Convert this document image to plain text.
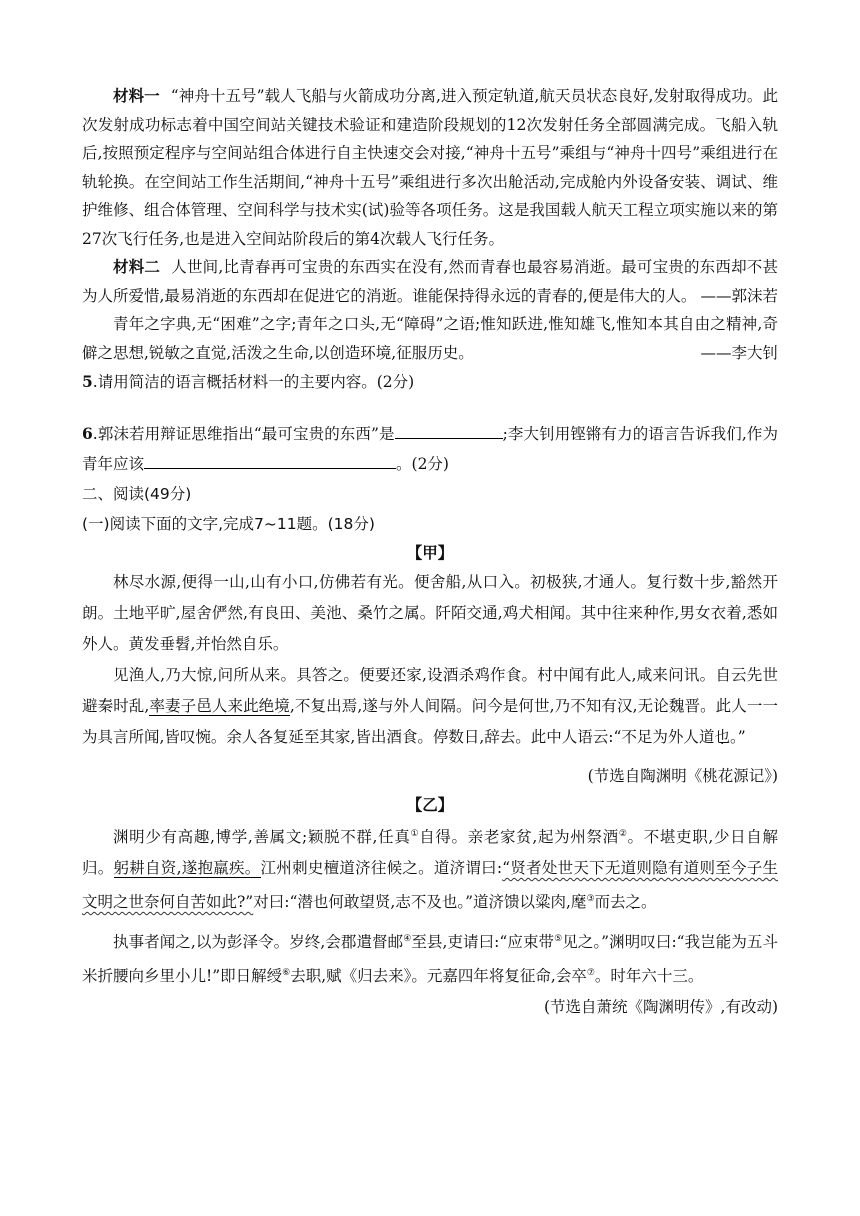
材料一 “神舟十五号”载人飞船与火箭成功分离,进入预定轨道,航天员状态良好,发射取得成功。此次发射成功标志着中国空间站关键技术验证和建造阶段规划的12次发射任务全部圆满完成。飞船入轨后,按照预定程序与空间站组合体进行自主快速交会对接,“神舟十五号”乘组与“神舟十四号”乘组进行在轨轮换。在空间站工作生活期间,“神舟十五号”乘组进行多次出舱活动,完成舱内外设备安装、调试、维护维修、组合体管理、空间科学与技术实(试)验等各项任务。这是我国载人航天工程立项实施以来的第27次飞行任务,也是进入空间站阶段后的第4次载人飞行任务。

材料二 人世间,比青春再可宝贵的东西实在没有,然而青春也最容易消逝。最可宝贵的东西却不甚为人所爱惜,最易消逝的东西却在促进它的消逝。谁能保持得永远的青春的,便是伟大的人。 ——郭沫若

青年之字典,无“困难”之字;青年之口头,无“障碍”之语;惟知跃进,惟知雄飞,惟知本其自由之精神,奇僻之思想,锐敏之直觉,活泼之生命,以创造环境,征服历史。	——李大钊

5.请用简洁的语言概括材料一的主要内容。(2分)

6.郭沫若用辩证思维指出“最可宝贵的东西”是	;李大钊用铿锵有力的语言告诉我们,作为青年应该	。(2分)

二、阅读(49分)

(一)阅读下面的文字,完成7~11题。(18分)

【甲】

林尽水源,便得一山,山有小口,仿佛若有光。便舍船,从口入。初极狭,才通人。复行数十步,豁然开朗。土地平旷,屋舍俨然,有良田、美池、桑竹之属。阡陌交通,鸡犬相闻。其中往来种作,男女衣着,悉如外人。黄发垂髫,并怡然自乐。

见渔人,乃大惊,问所从来。具答之。便要还家,设酒杀鸡作食。村中闻有此人,咸来问讯。自云先世避秦时乱,率妻子邑人来此绝境,不复出焉,遂与外人间隔。问今是何世,乃不知有汉,无论魏晋。此人一一为具言所闻,皆叹惋。余人各复延至其家,皆出酒食。停数日,辞去。此中人语云:“不足为外人道也。”

(节选自陶渊明《桃花源记》)

【乙】

渊明少有高趣,博学,善属文;颖脱不群,任真①自得。亲老家贫,起为州祭酒②。不堪吏职,少日自解归。躬耕自资,遂抱羸疾。江州刺史檀道济往候之。道济谓曰:“贤者处世天下无道则隐有道则至今子生文明之世奈何自苦如此?”对曰:“潜也何敢望贤,志不及也。”道济馈以粱肉,麾③而去之。

执事者闻之,以为彭泽令。岁终,会郡遣督邮④至县,吏请曰:“应束带⑤见之。”渊明叹曰:“我岂能为五斗米折腰向乡里小儿!”即日解绶⑥去职,赋《归去来》。元嘉四年将复征命,会卒⑦。时年六十三。

(节选自萧统《陶渊明传》,有改动)
